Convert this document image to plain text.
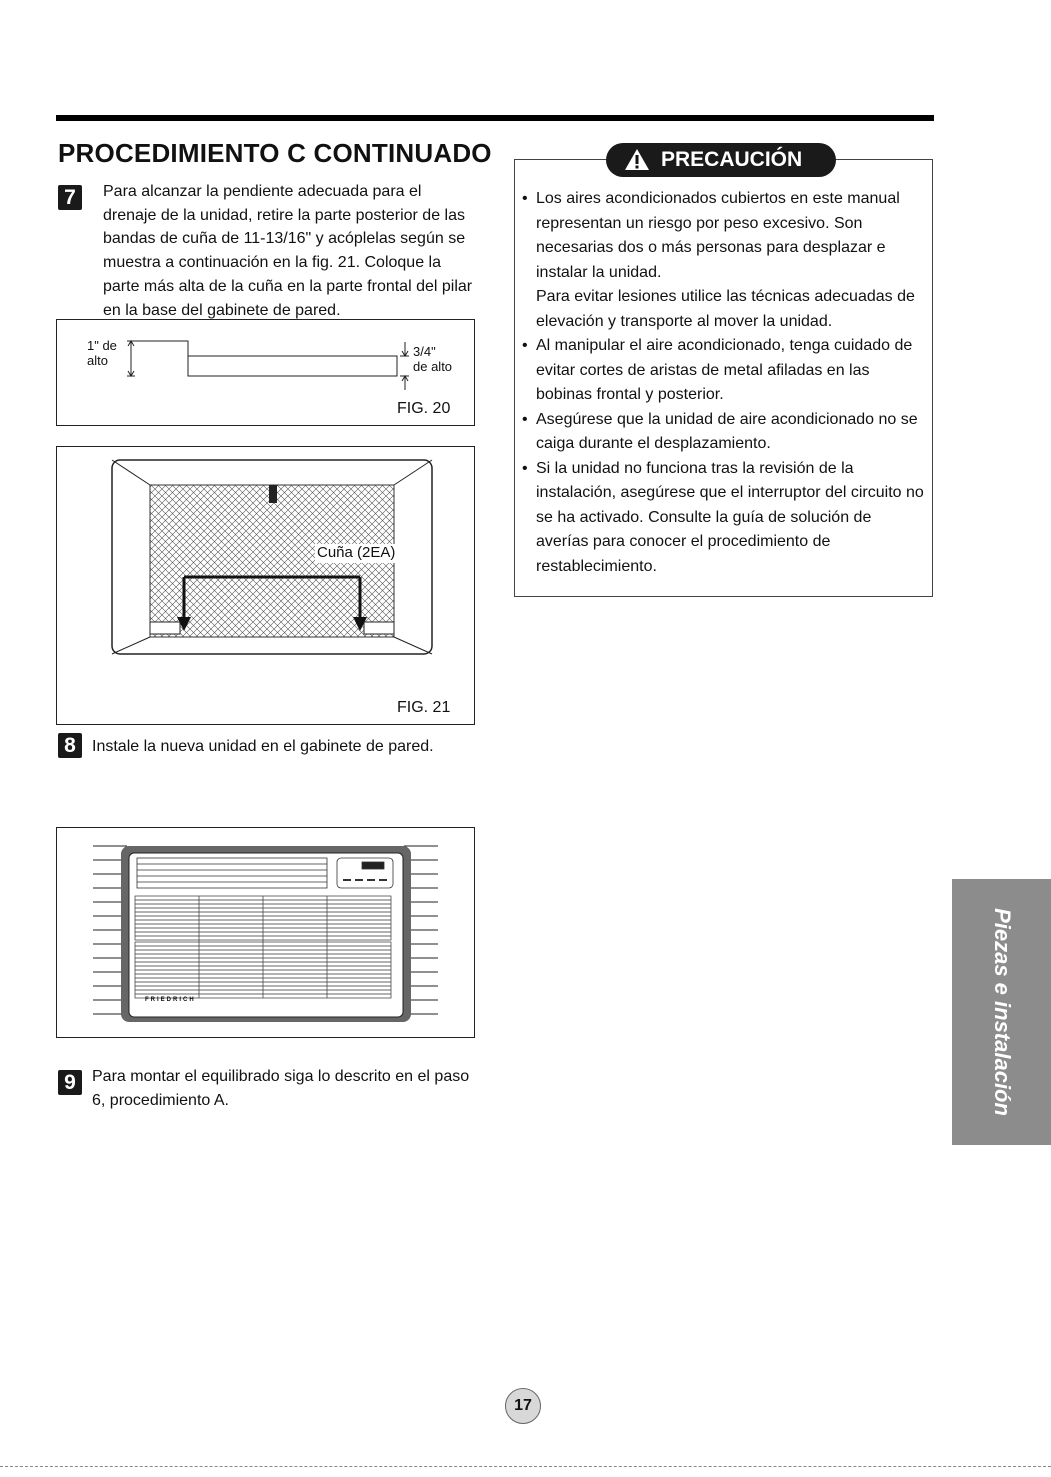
PROCEDIMIENTO C CONTINUADO
7	Para alcanzar la pendiente adecuada para el drenaje de la unidad, retire la parte posterior de las bandas de cuña de 11-13/16" y acóplelas según se muestra a continuación en la fig. 21. Coloque la parte más alta de la cuña en la parte frontal del pilar en la base del gabinete de pared.

1" de
alto
3/4"
de alto
FIG. 20
Cuña (2EA)
FIG. 21
8	Instale la nueva unidad en el gabinete de pared.

FRIEDRICH
9	Para montar el equilibrado siga lo descrito en el paso 6, procedimiento A.

PRECAUCIÓN
• Los aires acondicionados cubiertos en este manual representan un riesgo por peso excesivo. Son necesarias dos o más personas para desplazar e instalar la unidad.
Para evitar lesiones utilice las técnicas adecuadas de elevación y transporte al mover la unidad.
• Al manipular el aire acondicionado, tenga cuidado de evitar cortes de aristas de metal afiladas en las bobinas frontal y posterior.
• Asegúrese que la unidad de aire acondicionado no se caiga durante el desplazamiento.
• Si la unidad no funciona tras la revisión de la instalación, asegúrese que el interruptor del circuito no se ha activado. Consulte la guía de solución de averías para conocer el procedimiento de restablecimiento.
Piezas e instalación
17
